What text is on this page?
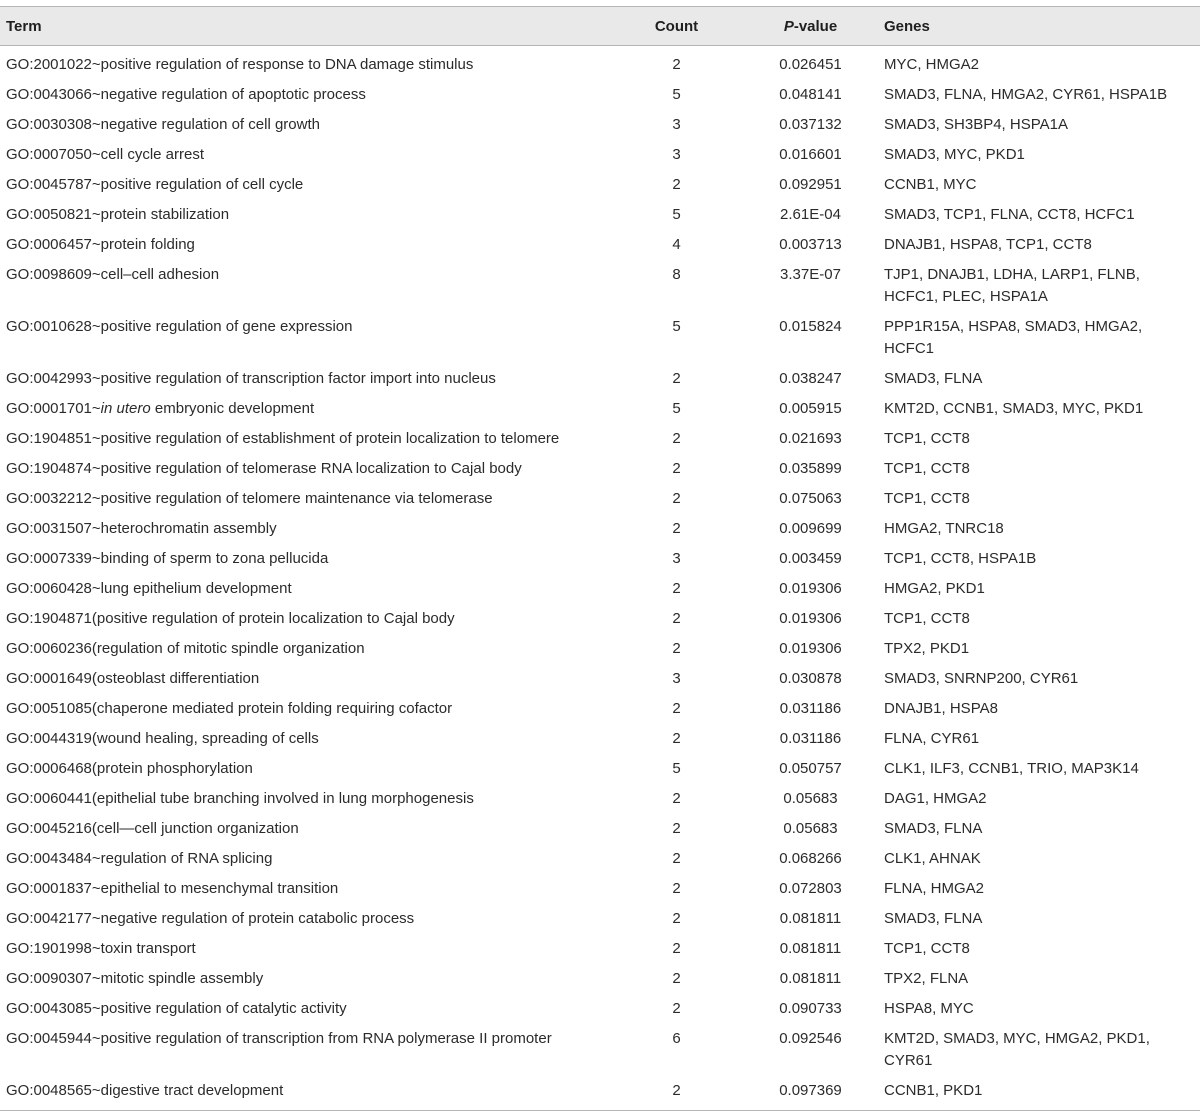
Term	Count	P-value	Genes
GO:2001022~positive regulation of response to DNA damage stimulus	2	0.026451	MYC, HMGA2
GO:0043066~negative regulation of apoptotic process	5	0.048141	SMAD3, FLNA, HMGA2, CYR61, HSPA1B
GO:0030308~negative regulation of cell growth	3	0.037132	SMAD3, SH3BP4, HSPA1A
GO:0007050~cell cycle arrest	3	0.016601	SMAD3, MYC, PKD1
GO:0045787~positive regulation of cell cycle	2	0.092951	CCNB1, MYC
GO:0050821~protein stabilization	5	2.61E-04	SMAD3, TCP1, FLNA, CCT8, HCFC1
GO:0006457~protein folding	4	0.003713	DNAJB1, HSPA8, TCP1, CCT8
GO:0098609~cell–cell adhesion	8	3.37E-07	TJP1, DNAJB1, LDHA, LARP1, FLNB, HCFC1, PLEC, HSPA1A
GO:0010628~positive regulation of gene expression	5	0.015824	PPP1R15A, HSPA8, SMAD3, HMGA2, HCFC1
GO:0042993~positive regulation of transcription factor import into nucleus	2	0.038247	SMAD3, FLNA
GO:0001701~in utero embryonic development	5	0.005915	KMT2D, CCNB1, SMAD3, MYC, PKD1
GO:1904851~positive regulation of establishment of protein localization to telomere	2	0.021693	TCP1, CCT8
GO:1904874~positive regulation of telomerase RNA localization to Cajal body	2	0.035899	TCP1, CCT8
GO:0032212~positive regulation of telomere maintenance via telomerase	2	0.075063	TCP1, CCT8
GO:0031507~heterochromatin assembly	2	0.009699	HMGA2, TNRC18
GO:0007339~binding of sperm to zona pellucida	3	0.003459	TCP1, CCT8, HSPA1B
GO:0060428~lung epithelium development	2	0.019306	HMGA2, PKD1
GO:1904871(positive regulation of protein localization to Cajal body	2	0.019306	TCP1, CCT8
GO:0060236(regulation of mitotic spindle organization	2	0.019306	TPX2, PKD1
GO:0001649(osteoblast differentiation	3	0.030878	SMAD3, SNRNP200, CYR61
GO:0051085(chaperone mediated protein folding requiring cofactor	2	0.031186	DNAJB1, HSPA8
GO:0044319(wound healing, spreading of cells	2	0.031186	FLNA, CYR61
GO:0006468(protein phosphorylation	5	0.050757	CLK1, ILF3, CCNB1, TRIO, MAP3K14
GO:0060441(epithelial tube branching involved in lung morphogenesis	2	0.05683	DAG1, HMGA2
GO:0045216(cell—cell junction organization	2	0.05683	SMAD3, FLNA
GO:0043484~regulation of RNA splicing	2	0.068266	CLK1, AHNAK
GO:0001837~epithelial to mesenchymal transition	2	0.072803	FLNA, HMGA2
GO:0042177~negative regulation of protein catabolic process	2	0.081811	SMAD3, FLNA
GO:1901998~toxin transport	2	0.081811	TCP1, CCT8
GO:0090307~mitotic spindle assembly	2	0.081811	TPX2, FLNA
GO:0043085~positive regulation of catalytic activity	2	0.090733	HSPA8, MYC
GO:0045944~positive regulation of transcription from RNA polymerase II promoter	6	0.092546	KMT2D, SMAD3, MYC, HMGA2, PKD1, CYR61
GO:0048565~digestive tract development	2	0.097369	CCNB1, PKD1
